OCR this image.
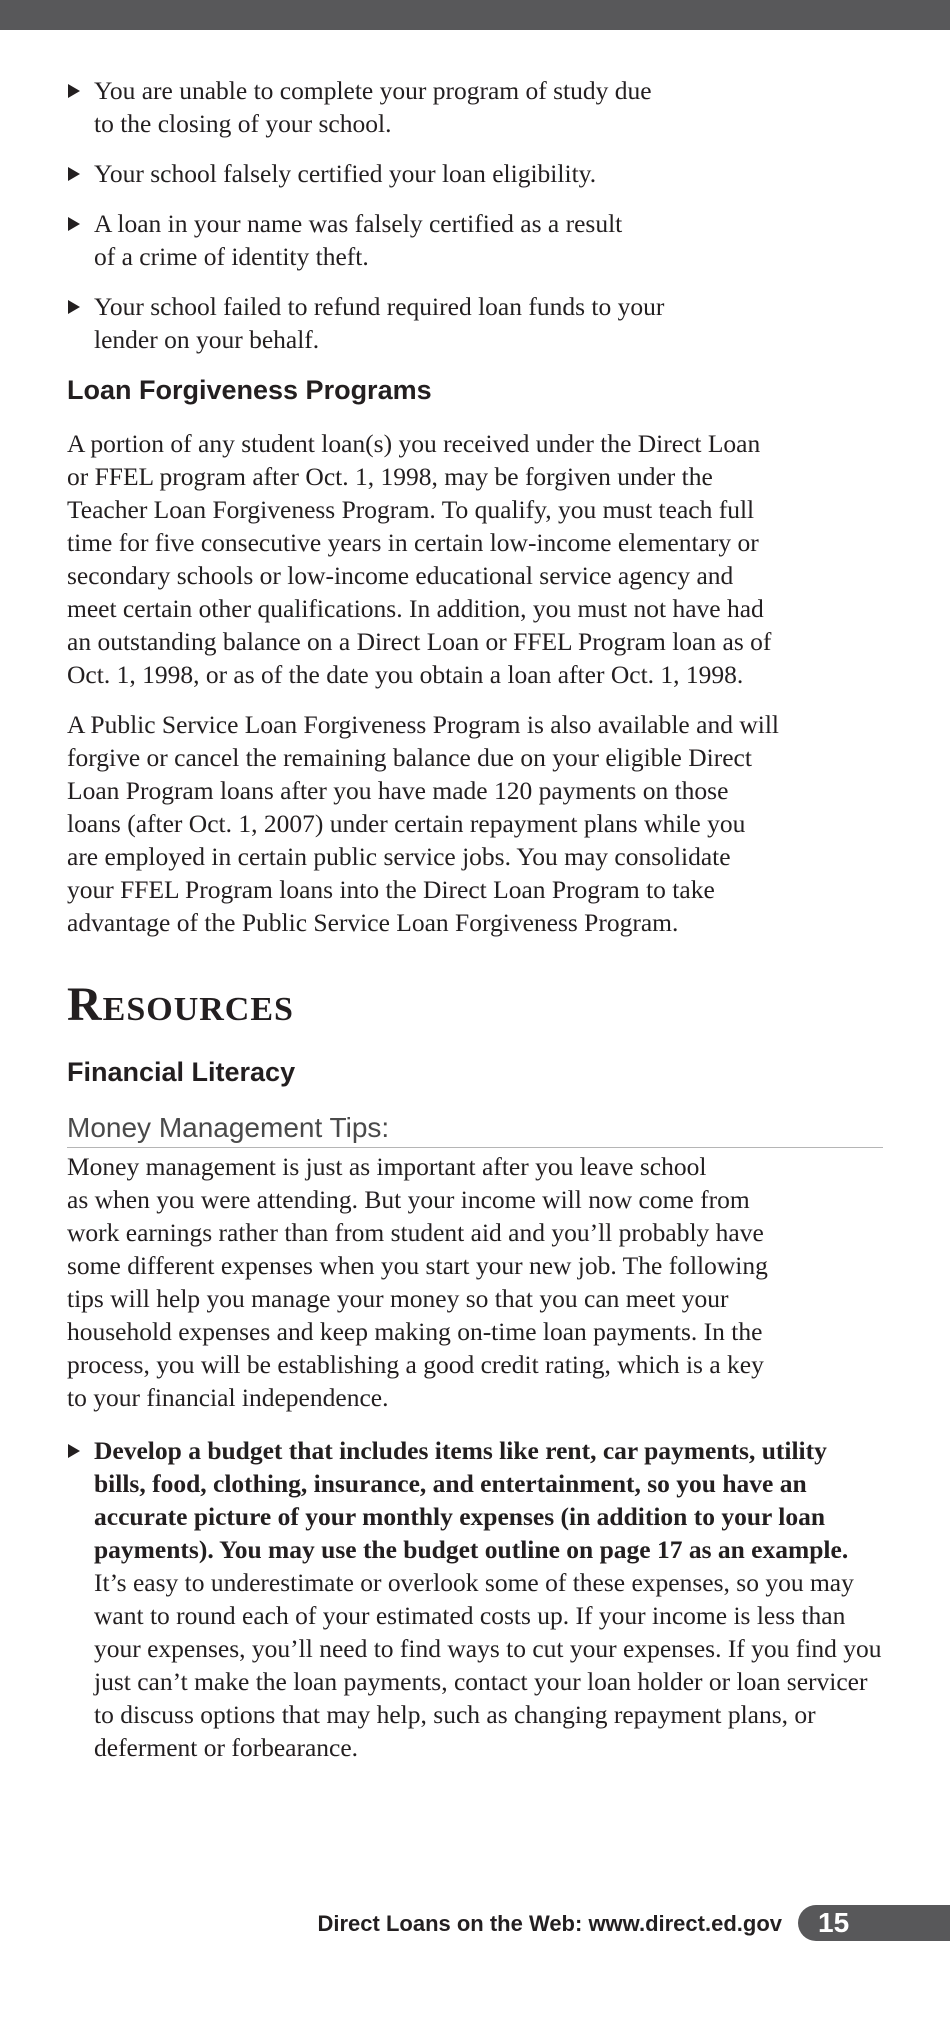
You are unable to complete your program of study due
to the closing of your school.
Your school falsely certified your loan eligibility.
A loan in your name was falsely certified as a result
of a crime of identity theft.
Your school failed to refund required loan funds to your
lender on your behalf.
Loan Forgiveness Programs

A portion of any student loan(s) you received under the Direct Loan
or FFEL program after Oct. 1, 1998, may be forgiven under the
Teacher Loan Forgiveness Program. To qualify, you must teach full
time for five consecutive years in certain low-income elementary or
secondary schools or low-income educational service agency and
meet certain other qualifications. In addition, you must not have had
an outstanding balance on a Direct Loan or FFEL Program loan as of
Oct. 1, 1998, or as of the date you obtain a loan after Oct. 1, 1998.

A Public Service Loan Forgiveness Program is also available and will
forgive or cancel the remaining balance due on your eligible Direct
Loan Program loans after you have made 120 payments on those
loans (after Oct. 1, 2007) under certain repayment plans while you
are employed in certain public service jobs. You may consolidate
your FFEL Program loans into the Direct Loan Program to take
advantage of the Public Service Loan Forgiveness Program.

Resources
Financial Literacy
Money Management Tips:

Money management is just as important after you leave school
as when you were attending. But your income will now come from
work earnings rather than from student aid and you’ll probably have
some different expenses when you start your new job. The following
tips will help you manage your money so that you can meet your
household expenses and keep making on-time loan payments. In the
process, you will be establishing a good credit rating, which is a key
to your financial independence.

Develop a budget that includes items like rent, car payments, utility bills, food, clothing, insurance, and entertainment, so you have an accurate picture of your monthly expenses (in addition to your loan payments). You may use the budget outline on page 17 as an example. It’s easy to underestimate or overlook some of these expenses, so you may want to round each of your estimated costs up. If your income is less than your expenses, you’ll need to find ways to cut your expenses. If you find you just can’t make the loan payments, contact your loan holder or loan servicer to discuss options that may help, such as changing repayment plans, or deferment or forbearance.
Direct Loans on the Web: www.direct.ed.gov 15
